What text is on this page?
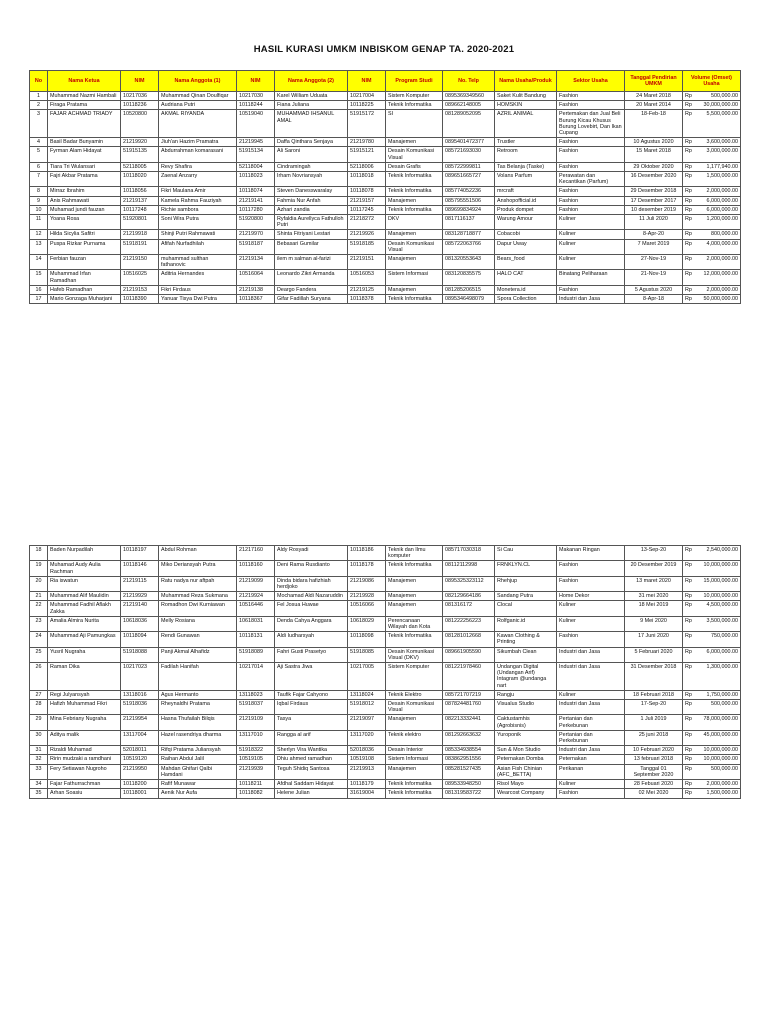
HASIL KURASI UMKM INBISKOM GENAP TA. 2020-2021
No	Nama Ketua	NIM	Nama Anggota (1)	NIM	Nama Anggota (2)	NIM	Program Studi	No. Telp	Nama Usaha/Produk	Sektor Usaha	Tanggal Pendirian UMKM	Volume (Omset) Usaha
1	Muhammad Nazmi Hambali	10217036	Muhammad Qinan Doulfiqar	10217030	Karel William Uduata	10217004	Sistem Komputer	0895369349560	Saket Kulit Bandung	Fashion	24 Maret 2018	Rp 500,000.00

2	Firaga Pratama	10118236	Audriana Putri	10118244	Fiana Juliana	10118225	Teknik Informatika	089662148005	HOMSKIN	Fashion	20 Maret 2014	Rp 30,000,000.00

3	FAJAR ACHMAD TRIADY	10520800	AKMAL RIYANDA	10519040	MUHAMMAD IHSANUL AMAL	51915172	SI	081289052095	AZRIL ANIMAL	Pertemakan dan Jual Beli Burung Kicau Khusus Burung Lovebirt, Dan Ikan Cupang	18-Feb-18	Rp 5,500,000.00

4	Basil Badar Bunyamin	21219920	Jiuh'an Hazim Pramatra	21219945	Daffa Qinthara Senjaya	21219780	Manajemen	0895401472377	Trustler	Fashion	10 Agustus 2020	Rp 3,600,000.00

5	Fyrman Alam Hidayat	51915135	Abdurrahman komarasani	51915134	Ali Saroni	51915121	Desain Komunikasi Visual	085721693030	Retroom	Fashion	15 Maret 2018	Rp 3,000,000.00

6	Tiara Tri Wulansari	52118005	Revy Shafira	52118004	Cindramingah	52118006	Desain Grafis	085722999811	Tas Belanja (Taske)	Fashion	29 Oktober 2020	Rp 1,177,940.00

7	Fajri Akbar Pratama	10118020	Zaenal Anzarry	10118023	Irham Novriansyah	10118018	Teknik Informatika	089651665727	Volans Parfum	Perawatan dan Kecantikan (Parfum)	16 Desember 2020	Rp 1,500,000.00

8	Mirraz Ibrahim	10118056	Fikri Maulana Amir	10118074	Steven Danesswaralay	10118078	Teknik Informatika	085774052236	mrcraft	Fashion	29 Desember 2018	Rp 2,000,000.00

9	Anis Rahmawati	21219137	Kamela Rahma Fauziyah	21219141	Fahmia Nur Anfah	21219157	Manajemen	085795551506	Anshopofficial.id	Fashion	17 Desember 2017	Rp 6,000,000.00

10	Muhamad jundi fauzan	10117248	Richie sambora	10117280	Azhari zandia	10117245	Teknik Informatika	089699834924	Produk dompet	Fashion	10 desember 2019	Rp 6,000,000.00

11	Yoana Rosa	51920801	Soni Wira Putra	51920800	Ryfaldia Aurellyca Fathulloh Putri	21218272	DKV	0817116137	Warung Amour	Kuliner	11 Juli 2020	Rp 1,200,000.00

12	Hilda Sicylia Safitri	21219918	Shinji Putri Rahmawati	21219970	Shinta Fitriyani Lestari	21219926	Manajemen	083128718877	Cobacobi	Kuliner	8-Apr-20	Rp 800,000.00

13	Puspa Rizkar Purnama	51918191	Afifah Nurfadhilah	51918187	Bebasari Gumilar	51918185	Desain Komunikasi Visual	085722063766	Dapur Uway	Kuliner	7 Maret 2019	Rp 4,000,000.00

14	Ferbian fauzan	21219150	muhammad sulthan fathanovic	21219134	ilem m salman al-farizi	21219151	Manajemen	081320553643	Bears_food	Kuliner	27-Nov-19	Rp 2,000,000.00

15	Muhammad Irfan Ramadhan	10516025	Aditria Hernandes	10516064	Leonardo Zikri Armanda	10516053	Sistem Informasi	083120835575	HALO CAT	Binatang Peliharaan	21-Nov-19	Rp 12,000,000.00

16	Hafeb Ramadhan	21219153	Fikri Firdaus	21219138	Deargo Fandera	21219125	Manajemen	081285206515	Monetera.id	Fashion	5 Agustus 2020	Rp 2,000,000.00

17	Mario Gonzaga Muharjani	10118390	Yanuar Tisya Dwi Putra	10118367	Gifar Fadillah Suryana	10118378	Teknik Informatika	0895346498079	Spora Collection	Industri dan Jasa	8-Apr-18	Rp 50,000,000.00
18	Baden Nurpadilah	10118197	Abdul Rohman	21217160	Aldy Rosyadi	10118186	Teknik dan Ilmu komputer	085717030318	Si Cau	Makanan Ringan	13-Sep-20	Rp 2,540,000.00

19	Muhamad Audy Aulia Rachman	10118146	Miko Deriansyah Putra	10118160	Deni Rama Rusdianto	10118178	Teknik Informatika	08112112998	FRNKLYN.CL	Fashion	20 Desember 2019	Rp 10,000,000.00

20	Ria iswatun	21219115	Ratu nadya nur aftpah	21219099	Dinda bidara hafizhiah herdjoko	21219086	Manajemen	0895325323112	Rhehjup	Fashion	13 maret 2020	Rp 15,000,000.00

21	Muhammad Alif Maulidin	21219929	Muhammad Reza Sukmana	21219924	Mochamad Aldi Nazaruddin	21219928	Manajemen	082129664186	Sandang Putra	Home Dekor	31 mei 2020	Rp 10,000,000.00

22	Muhammad Fadhil Aflakh Zakka	21219140	Romadhon Dwi Kurniawan	10516446	Fel Josua Huwae	10516066	Manajemen	081316172	Clocal	Kuliner	18 Mei 2019	Rp 4,500,000.00

23	Amalia Almira Nurita	10618036	Melly Rosiana	10618031	Denda Cahya Anggara	10618029	Perencanaan Wilayah dan Kota	081222256223	Rolfganic.id	Kuliner	9 Mei 2020	Rp 3,500,000.00

24	Muhammad Aji Pamungkas	10118094	Rendi Gunawan	10118131	Aldi Iudharsyah	10118098	Teknik Informatika	081281012668	Kawan Clothing & Printing	Fashion	17 Juni 2020	Rp 750,000.00

25	Yusril Nugraha	51918088	Panji Akmal Alhafidz	51918089	Fahri Gusti Prasetyo	51918085	Desain Komunikasi Visual (DKV)	089661905590	Sikumbah Clean	Industri dan Jasa	5 Februari 2020	Rp 6,000,000.00

26	Raman Dika	10217023	Fadilah Hanifah	10217014	Aji Sastra Jiwa	10217005	Sistem Komputer	081221978460	Undangan Digital (Undangan Arif) Intagram @undanga nart	Industri dan Jasa	31 Desember 2018	Rp 1,300,000.00

27	Regi Julyansyah	13118016	Agus Hermanto	13118023	Taufik Fajar Cahyono	13118024	Teknik Elektro	085721707219	Rangju	Kuliner	18 Februari 2018	Rp 1,750,000.00

28	Hafizh Muhammad Fikri	51918036	Rheynaldhi Pratama	51918037	Iqbal Firdaus	51918012	Desain Komunikasi Visual	087824481760	Visualus Studio	Industri dan Jasa	17-Sep-20	Rp 500,000.00

29	Mina Febriany Nugraha	21219954	Hasna Thufailah Bilqis	21219109	Tasya	21219097	Manajemen	082213332441	Caktustamhis (Agrobisnis)	Pertanian dan Perkebunan	1 Juli 2019	Rp 78,000,000.00

30	Aditya malik	13117004	Hazel rasendriya dharma	13117010	Rangga al arif	13117020	Teknik elektro	081292663632	Yuroponik	Pertanian dan Perkebunan	25 juni 2018	Rp 45,000,000.00

31	Rizaldi Muhamad	52018011	Rifqi Pratama Juliansyah	51918322	Sherlyn Vira Wantika	52018036	Desain Interior	085334938554	Sun & Mon Studio	Industri dan Jasa	10 Februari 2020	Rp 10,000,000.00

32	Ririn mudzaki a ramdhani	10519120	Raihan Abdul Jalil	10519105	Dhiu ahmed ramadhan	10519108	Sistem Informasi	083862951556	Peternakan Domba	Peternakan	13 februari 2018	Rp 10,000,000.00

33	Fery Setiawan Nugroho	21219950	Mahdan Ghifari Qalbi Hamdani	21219939	Teguh Shidiq Santosa	21219913	Manajemen	085281527435	Asian Fish Chinian (AFC_BETTA)	Perikanan	Tanggal 01 September 2020	Rp 500,000.00

34	Fajar Fathurrachman	10118200	Rafif Munawar	10118211	Afdhal Saddam Hidayat	10118179	Teknik Informatika	089533948250	Risol Mayo	Kuliner	28 Febuari 2020	Rp 2,000,000.00

35	Arhan Soasiu	10118001	Aenik Nur Aufa	10118082	Helene Julian	31619004	Teknik Informatika	081319583722	Wearcost Company	Fashion	02 Mei 2020	Rp 1,500,000.00
